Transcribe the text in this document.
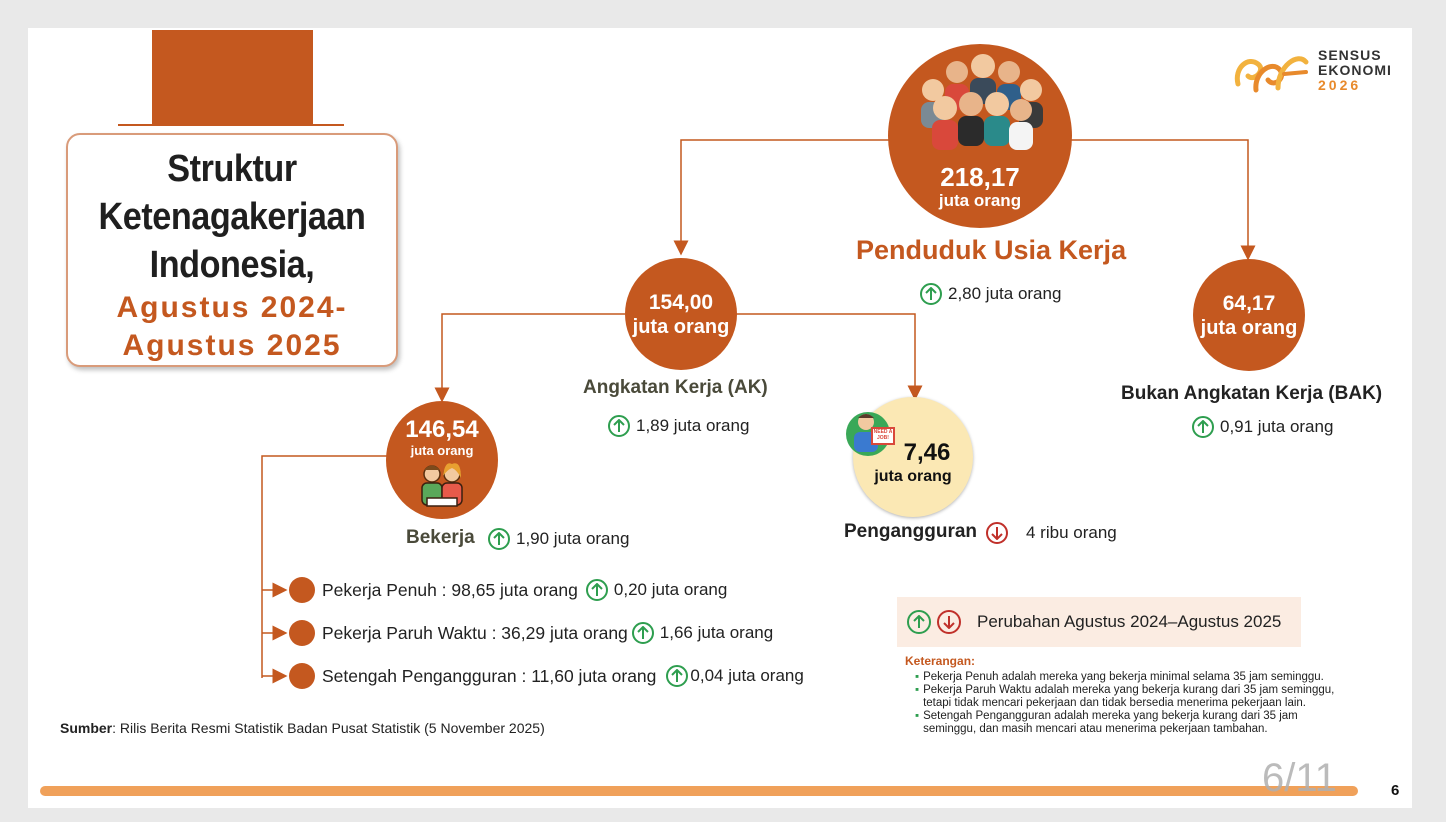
Struktur
Ketenagakerjaan
Indonesia,
Agustus 2024-
Agustus 2025
SENSUS
EKONOMI
2026
218,17
juta orang
Penduduk Usia Kerja
2,80 juta orang
154,00
juta orang
Angkatan Kerja (AK)
1,89 juta orang
64,17
juta orang
Bukan Angkatan Kerja (BAK)
0,91 juta orang
146,54
juta orang
Bekerja 1,90 juta orang
7,46
juta orang
NEED A JOB!
Pengangguran	4 ribu orang
Pekerja Penuh : 98,65 juta orang 0,20 juta orang
Pekerja Paruh Waktu : 36,29 juta orang 1,66 juta orang
Setengah Pengangguran : 11,60 juta orang 0,04 juta orang
Perubahan Agustus 2024–Agustus 2025
Keterangan:
▪ Pekerja Penuh adalah mereka yang bekerja minimal selama 35 jam seminggu.
▪ Pekerja Paruh Waktu adalah mereka yang bekerja kurang dari 35 jam seminggu, tetapi tidak mencari pekerjaan dan tidak bersedia menerima pekerjaan lain.
▪ Setengah Pengangguran adalah mereka yang bekerja kurang dari 35 jam seminggu, dan masih mencari atau menerima pekerjaan tambahan.
Sumber: Rilis Berita Resmi Statistik Badan Pusat Statistik (5 November 2025)
6/11	6
